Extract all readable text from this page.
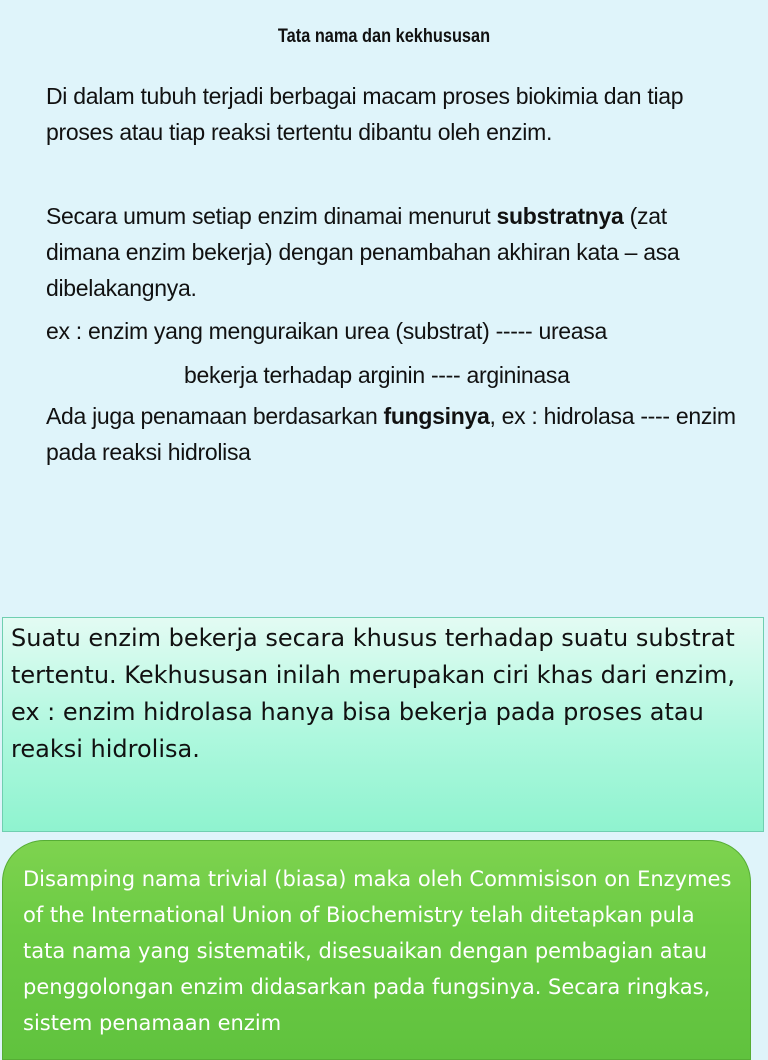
Tata nama dan kekhususan
Di dalam tubuh terjadi berbagai macam proses biokimia dan tiap proses atau tiap reaksi tertentu dibantu oleh enzim.
Secara umum setiap enzim dinamai menurut substratnya (zat dimana enzim bekerja) dengan penambahan akhiran kata – asa dibelakangnya.
ex : enzim yang menguraikan urea (substrat) ----- ureasa
bekerja terhadap arginin ---- argininasa
Ada juga penamaan berdasarkan fungsinya, ex : hidrolasa ---- enzim pada reaksi hidrolisa
Suatu enzim bekerja secara khusus terhadap suatu substrat tertentu. Kekhususan inilah merupakan ciri khas dari enzim, ex : enzim hidrolasa hanya bisa bekerja pada proses atau reaksi hidrolisa.
Disamping nama trivial (biasa) maka oleh Commisison on Enzymes of the International Union of Biochemistry telah ditetapkan pula tata nama yang sistematik, disesuaikan dengan pembagian atau penggolongan enzim didasarkan pada fungsinya. Secara ringkas, sistem penamaan enzim
